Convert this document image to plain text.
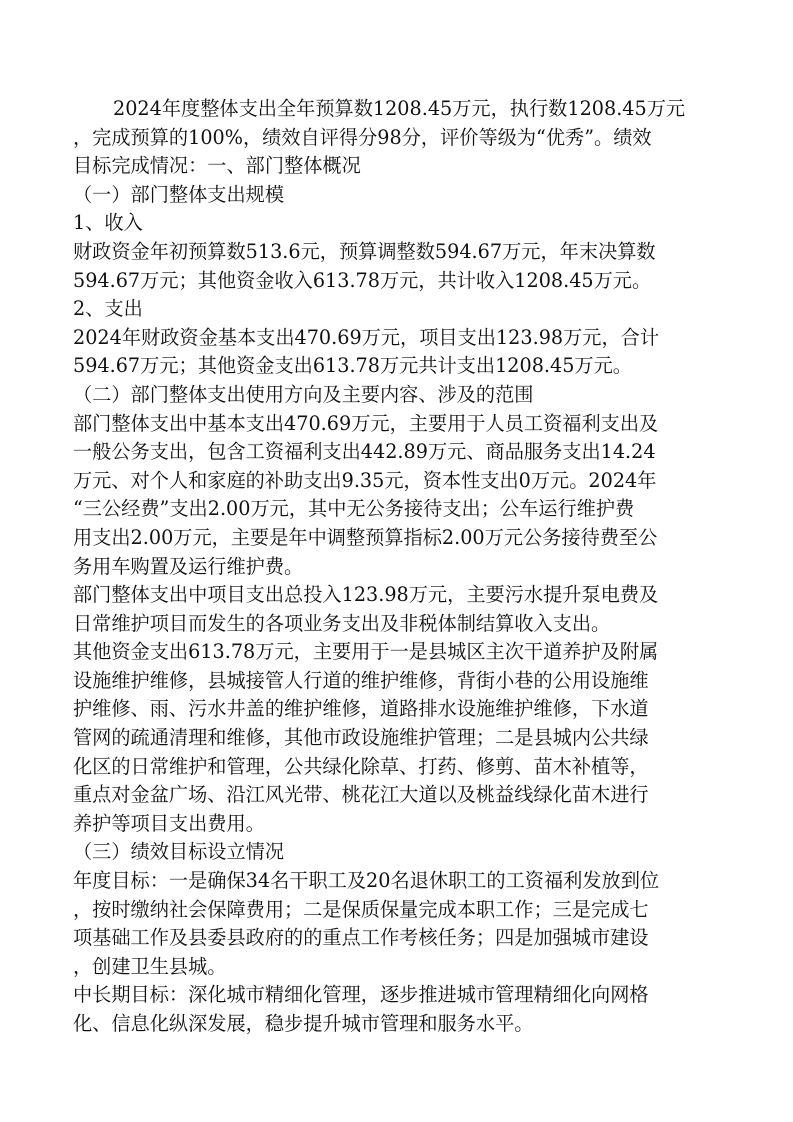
2024年度整体支出全年预算数1208.45万元，执行数1208.45万元
，完成预算的100%，绩效自评得分98分，评价等级为“优秀”。绩效
目标完成情况：一、部门整体概况
（一）部门整体支出规模
1、收入
财政资金年初预算数513.6元，预算调整数594.67万元，年末决算数
594.67万元；其他资金收入613.78万元，共计收入1208.45万元。
2、支出
2024年财政资金基本支出470.69万元，项目支出123.98万元，合计
594.67万元；其他资金支出613.78万元共计支出1208.45万元。
（二）部门整体支出使用方向及主要内容、涉及的范围
部门整体支出中基本支出470.69万元，主要用于人员工资福利支出及
一般公务支出，包含工资福利支出442.89万元、商品服务支出14.24
万元、对个人和家庭的补助支出9.35元，资本性支出0万元。2024年
“三公经费”支出2.00万元，其中无公务接待支出；公车运行维护费
用支出2.00万元，主要是年中调整预算指标2.00万元公务接待费至公
务用车购置及运行维护费。
部门整体支出中项目支出总投入123.98万元，主要污水提升泵电费及
日常维护项目而发生的各项业务支出及非税体制结算收入支出。
其他资金支出613.78万元，主要用于一是县城区主次干道养护及附属
设施维护维修，县城接管人行道的维护维修，背街小巷的公用设施维
护维修、雨、污水井盖的维护维修，道路排水设施维护维修，下水道
管网的疏通清理和维修，其他市政设施维护管理；二是县城内公共绿
化区的日常维护和管理，公共绿化除草、打药、修剪、苗木补植等，
重点对金盆广场、沿江风光带、桃花江大道以及桃益线绿化苗木进行
养护等项目支出费用。
（三）绩效目标设立情况
年度目标：一是确保34名干职工及20名退休职工的工资福利发放到位
，按时缴纳社会保障费用；二是保质保量完成本职工作；三是完成七
项基础工作及县委县政府的的重点工作考核任务；四是加强城市建设
，创建卫生县城。
中长期目标：深化城市精细化管理，逐步推进城市管理精细化向网格
化、信息化纵深发展，稳步提升城市管理和服务水平。
